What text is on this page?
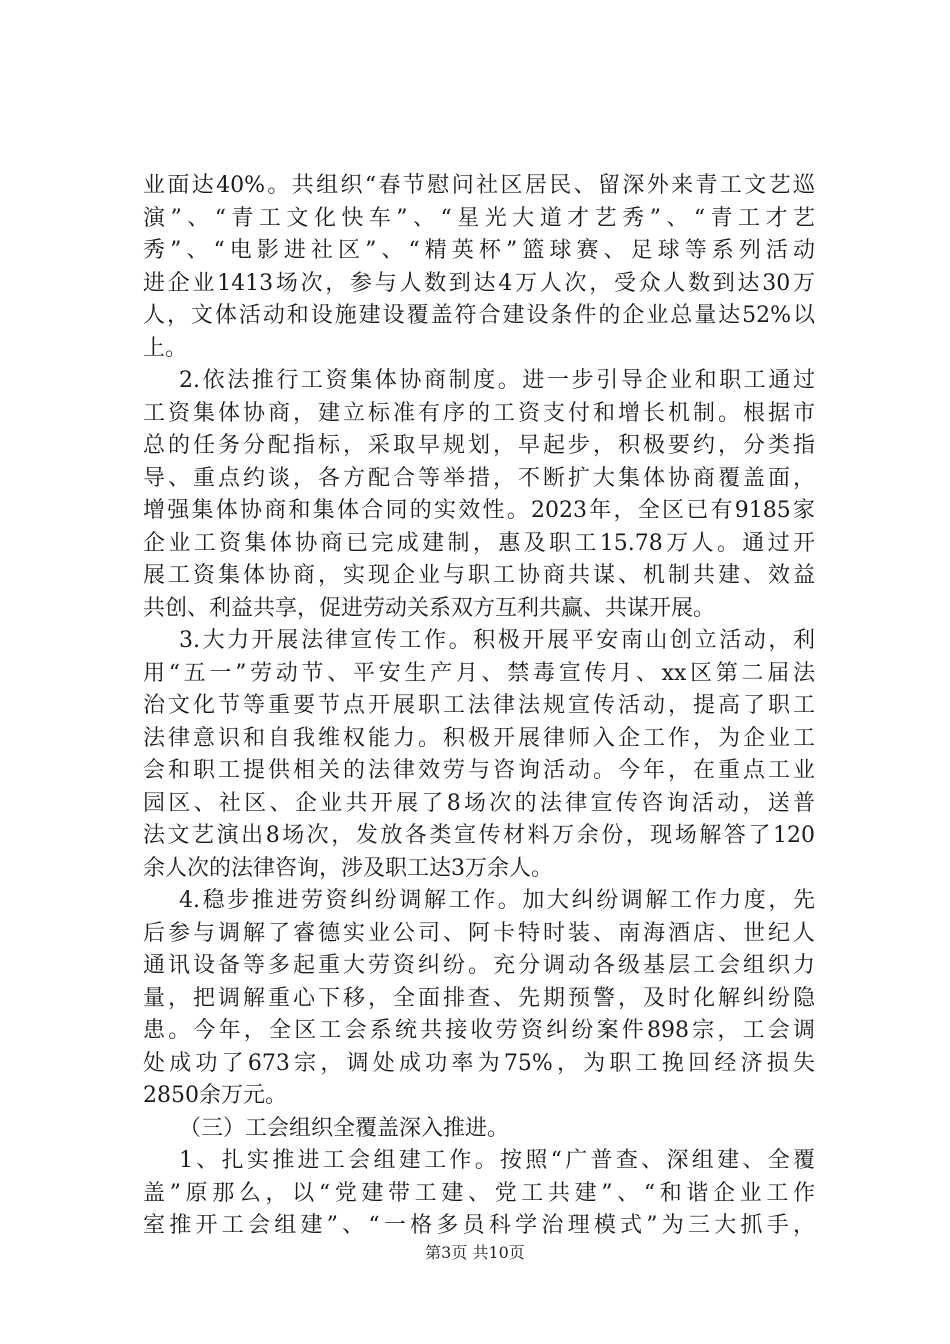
业面达40%。共组织“春节慰问社区居民、留深外来青工文艺巡
演”、“青工文化快车”、“星光大道才艺秀”、“青工才艺
秀”、“电影进社区”、“精英杯”篮球赛、足球等系列活动
进企业1413场次，参与人数到达4万人次，受众人数到达30万
人，文体活动和设施建设覆盖符合建设条件的企业总量达52%以
上。
2.依法推行工资集体协商制度。进一步引导企业和职工通过
工资集体协商，建立标准有序的工资支付和增长机制。根据市
总的任务分配指标，采取早规划，早起步，积极要约，分类指
导、重点约谈，各方配合等举措，不断扩大集体协商覆盖面，
增强集体协商和集体合同的实效性。2023年，全区已有9185家
企业工资集体协商已完成建制，惠及职工15.78万人。通过开
展工资集体协商，实现企业与职工协商共谋、机制共建、效益
共创、利益共享，促进劳动关系双方互利共赢、共谋开展。
3.大力开展法律宣传工作。积极开展平安南山创立活动，利
用“五一”劳动节、平安生产月、禁毒宣传月、xx区第二届法
治文化节等重要节点开展职工法律法规宣传活动，提高了职工
法律意识和自我维权能力。积极开展律师入企工作，为企业工
会和职工提供相关的法律效劳与咨询活动。今年，在重点工业
园区、社区、企业共开展了8场次的法律宣传咨询活动，送普
法文艺演出8场次，发放各类宣传材料万余份，现场解答了120
余人次的法律咨询，涉及职工达3万余人。
4.稳步推进劳资纠纷调解工作。加大纠纷调解工作力度，先
后参与调解了睿德实业公司、阿卡特时装、南海酒店、世纪人
通讯设备等多起重大劳资纠纷。充分调动各级基层工会组织力
量，把调解重心下移，全面排查、先期预警，及时化解纠纷隐
患。今年，全区工会系统共接收劳资纠纷案件898宗，工会调
处成功了673宗，调处成功率为75%，为职工挽回经济损失
2850余万元。
（三）工会组织全覆盖深入推进。
1、扎实推进工会组建工作。按照“广普查、深组建、全覆
盖”原那么，以“党建带工建、党工共建”、“和谐企业工作
室推开工会组建”、“一格多员科学治理模式”为三大抓手，
第3页 共10页
